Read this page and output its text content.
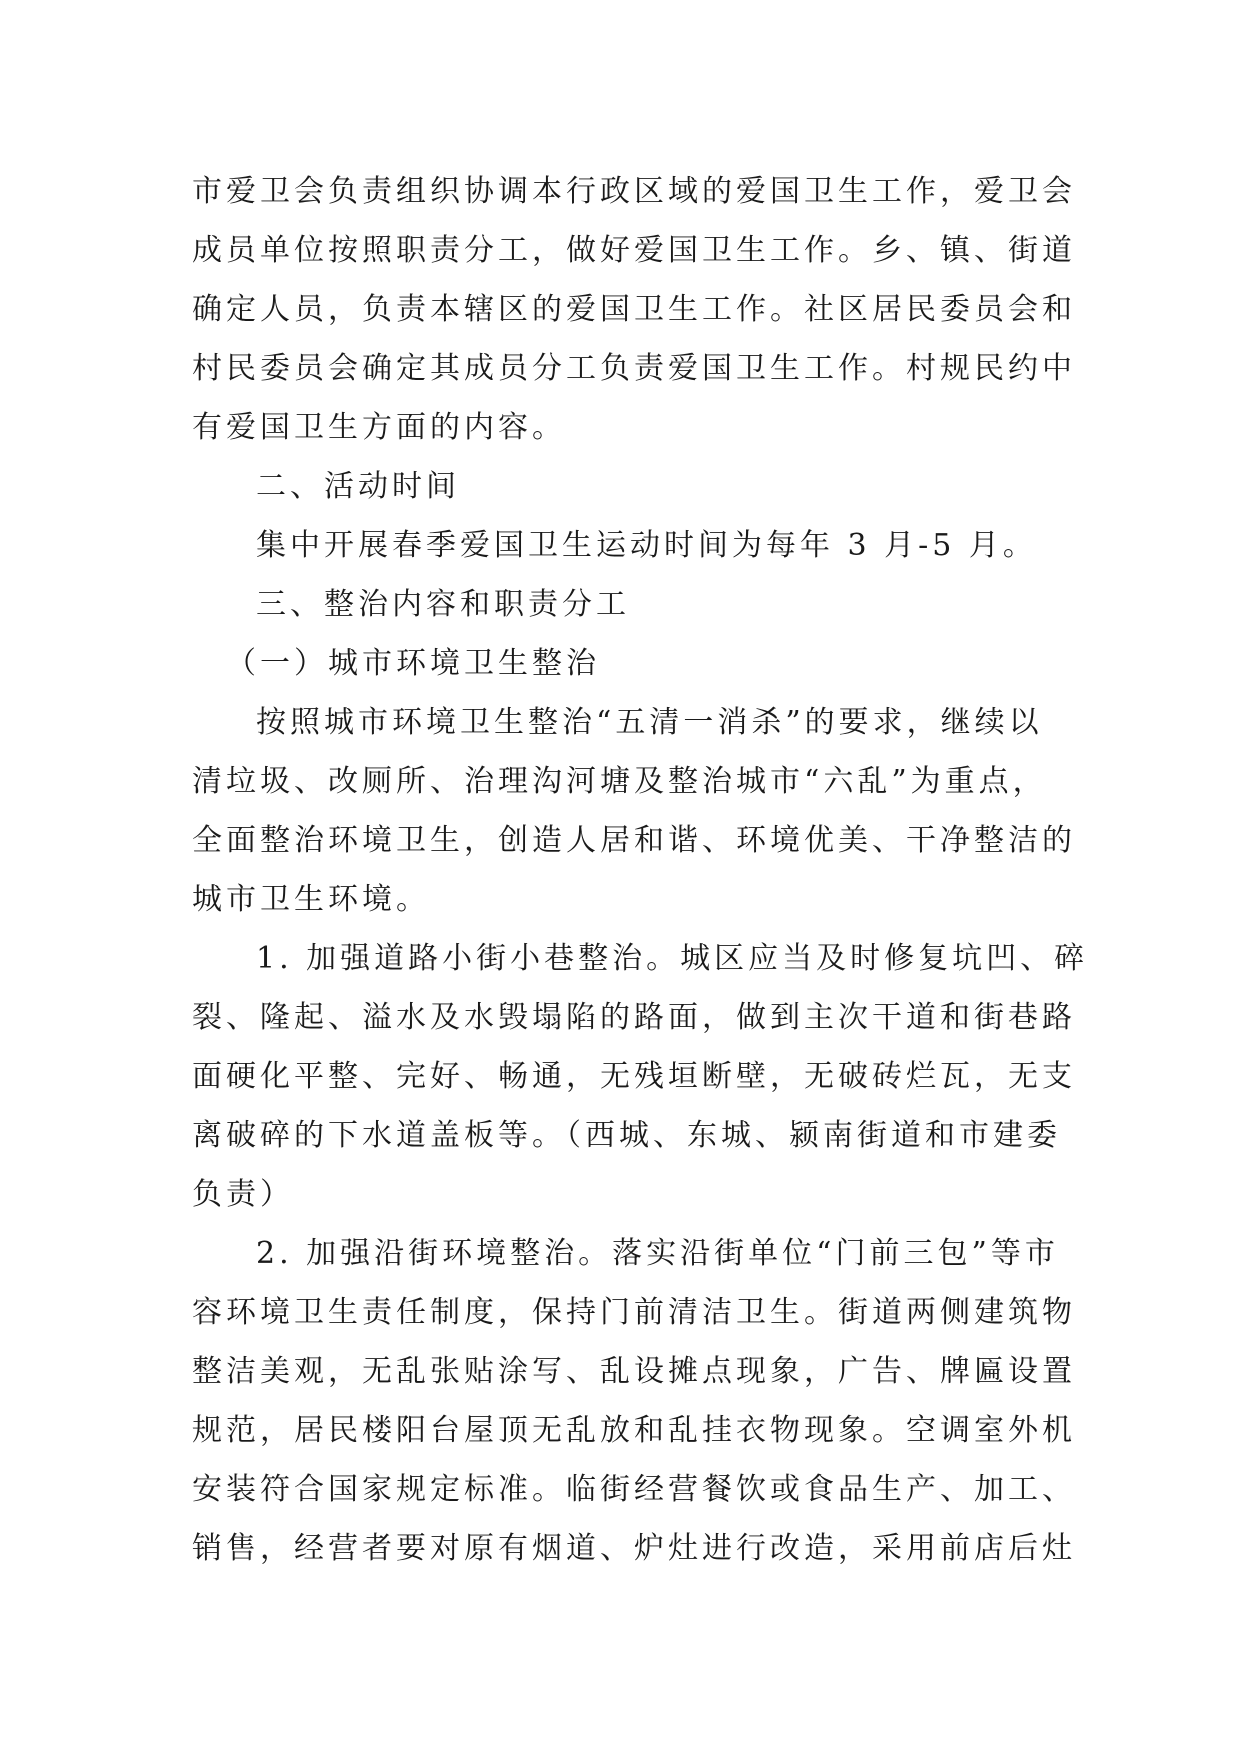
市爱卫会负责组织协调本行政区域的爱国卫生工作，爱卫会
成员单位按照职责分工，做好爱国卫生工作。乡、镇、街道
确定人员，负责本辖区的爱国卫生工作。社区居民委员会和
村民委员会确定其成员分工负责爱国卫生工作。村规民约中
有爱国卫生方面的内容。
二、活动时间
集中开展春季爱国卫生运动时间为每年 3 月-5 月。
三、整治内容和职责分工
（一）城市环境卫生整治
按照城市环境卫生整治“五清一消杀”的要求，继续以
清垃圾、改厕所、治理沟河塘及整治城市“六乱”为重点，
全面整治环境卫生，创造人居和谐、环境优美、干净整洁的
城市卫生环境。
1. 加强道路小街小巷整治。城区应当及时修复坑凹、碎
裂、隆起、溢水及水毁塌陷的路面，做到主次干道和街巷路
面硬化平整、完好、畅通，无残垣断壁，无破砖烂瓦，无支
离破碎的下水道盖板等。（西城、东城、颍南街道和市建委
负责）
2. 加强沿街环境整治。落实沿街单位“门前三包”等市
容环境卫生责任制度，保持门前清洁卫生。街道两侧建筑物
整洁美观，无乱张贴涂写、乱设摊点现象，广告、牌匾设置
规范，居民楼阳台屋顶无乱放和乱挂衣物现象。空调室外机
安装符合国家规定标准。临街经营餐饮或食品生产、加工、
销售，经营者要对原有烟道、炉灶进行改造，采用前店后灶
